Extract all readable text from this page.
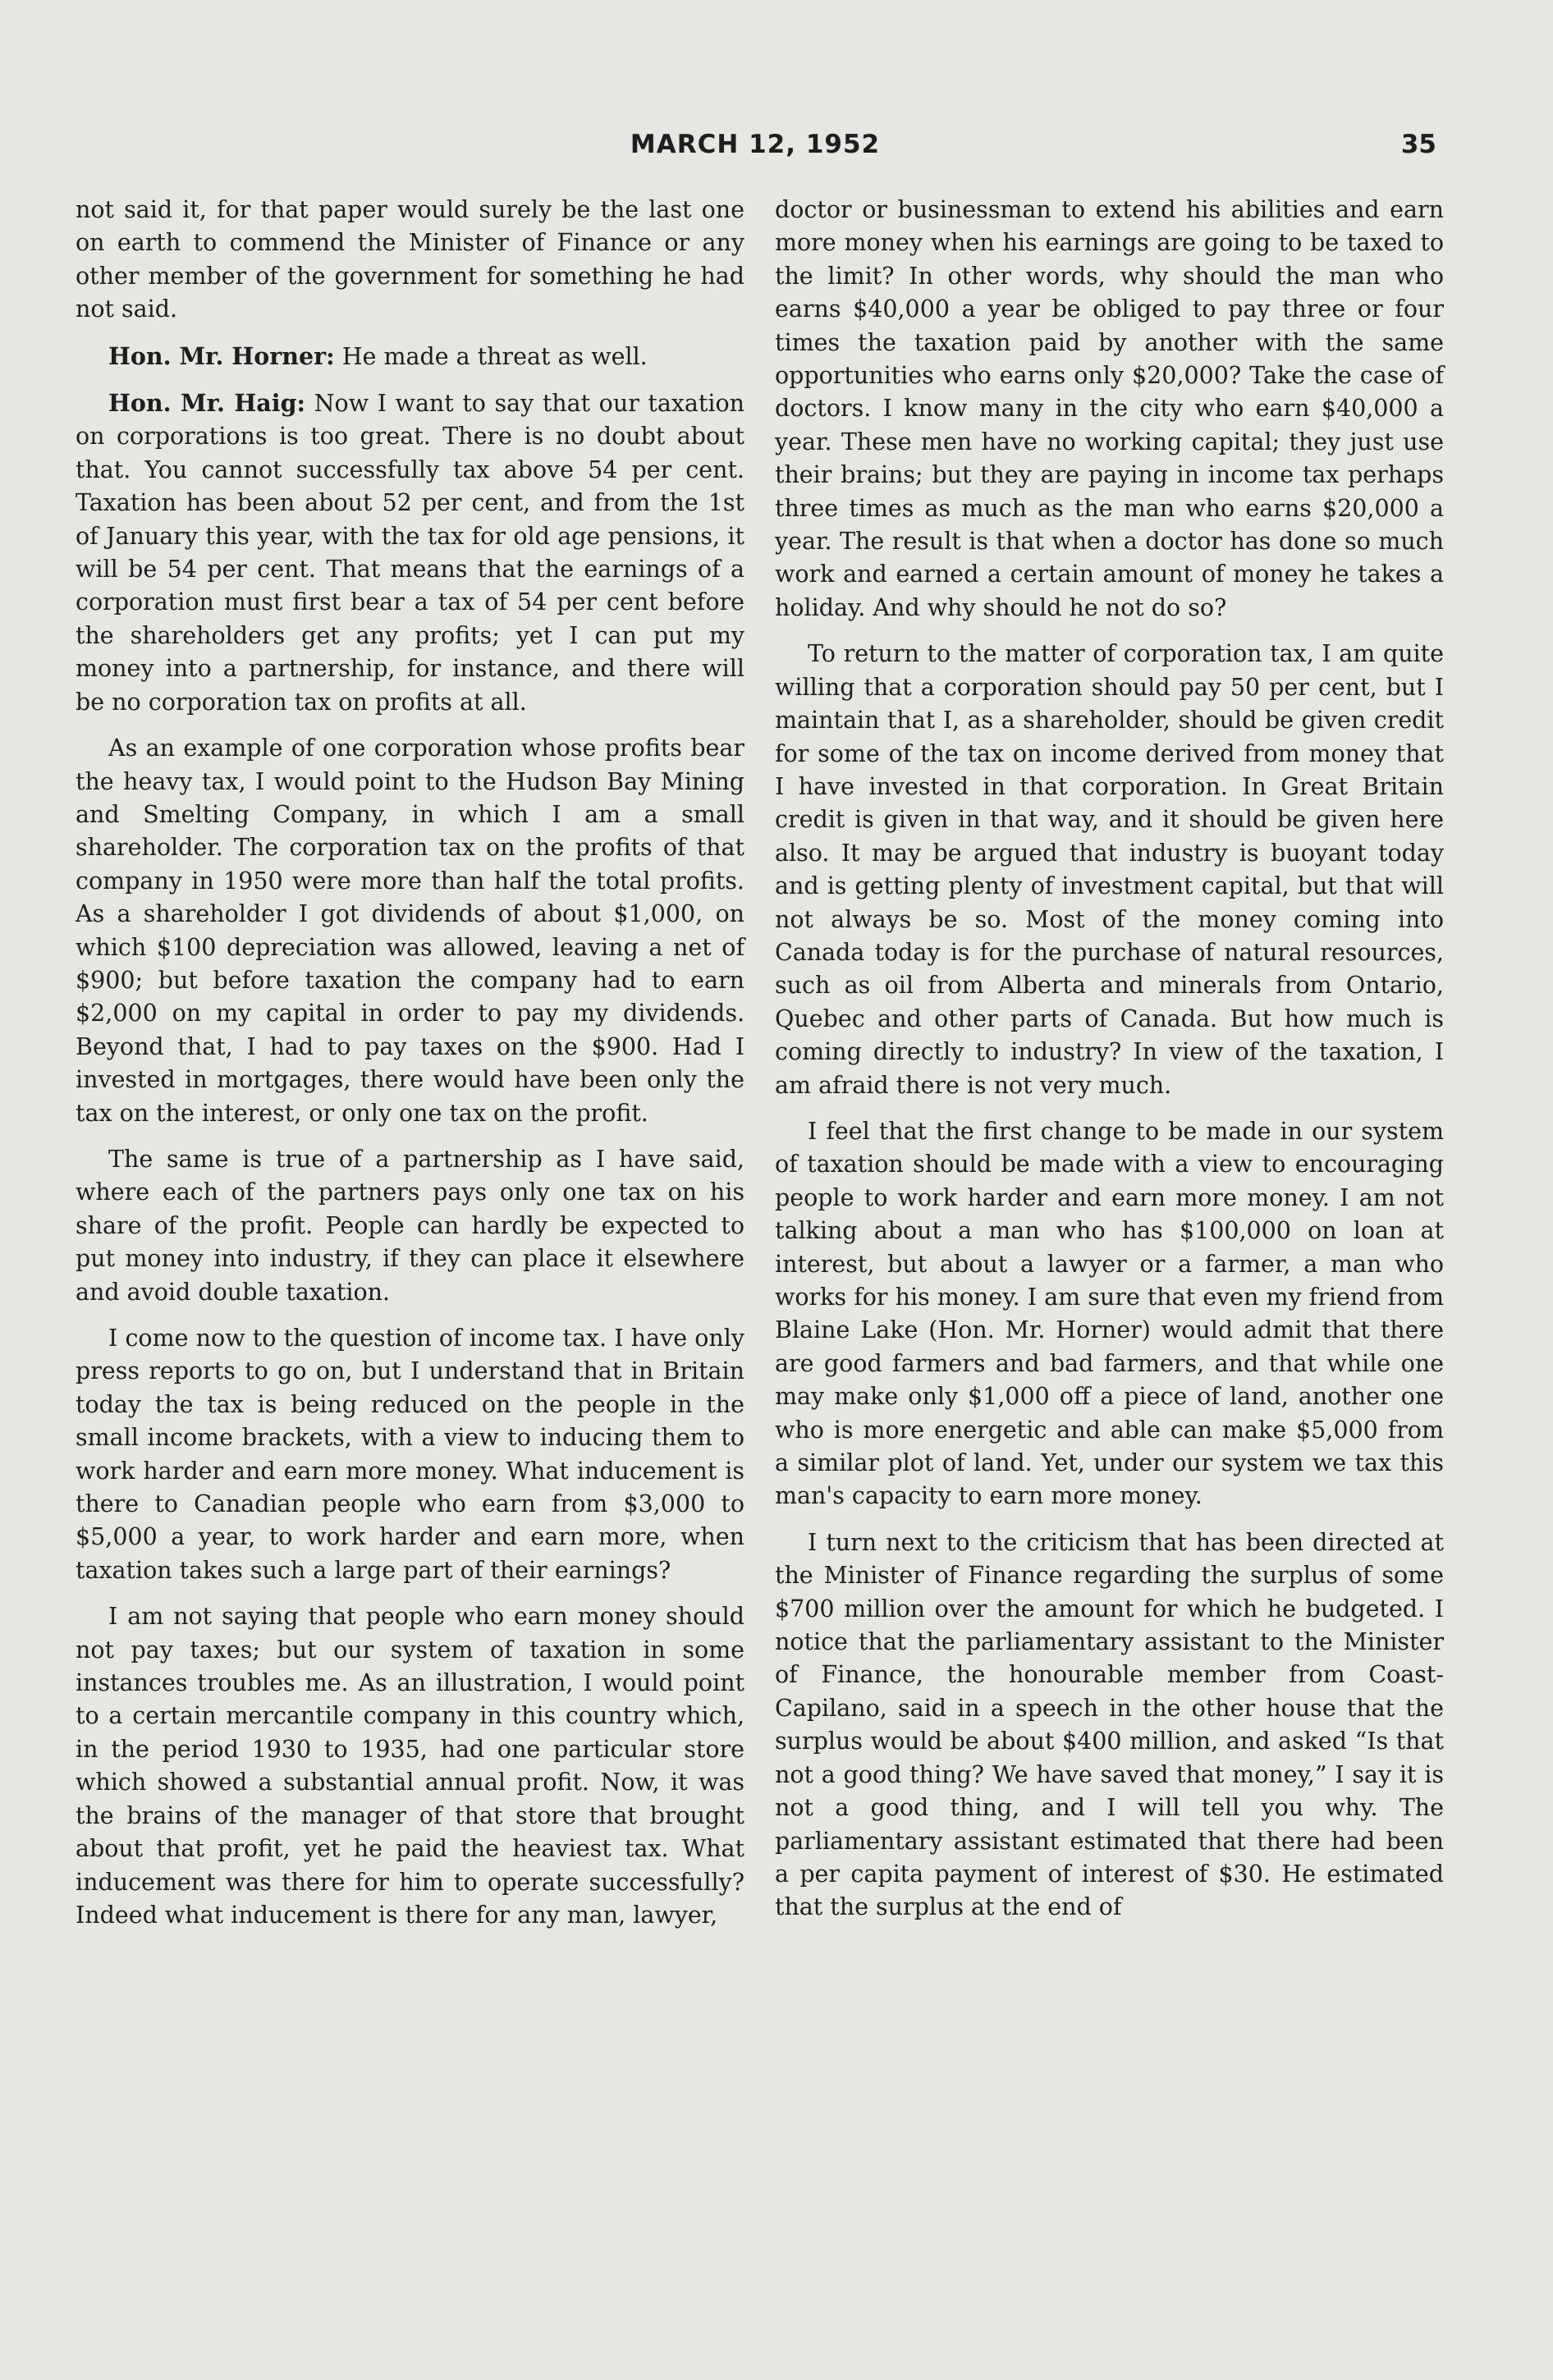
MARCH 12, 1952	35

not said it, for that paper would surely be the last one on earth to commend the Minister of Finance or any other member of the government for something he had not said.

Hon. Mr. Horner: He made a threat as well.

Hon. Mr. Haig: Now I want to say that our taxation on corporations is too great. There is no doubt about that. You cannot successfully tax above 54 per cent. Taxation has been about 52 per cent, and from the 1st of January this year, with the tax for old age pensions, it will be 54 per cent. That means that the earnings of a corporation must first bear a tax of 54 per cent before the shareholders get any profits; yet I can put my money into a partnership, for instance, and there will be no corporation tax on profits at all.

As an example of one corporation whose profits bear the heavy tax, I would point to the Hudson Bay Mining and Smelting Company, in which I am a small shareholder. The corporation tax on the profits of that company in 1950 were more than half the total profits. As a shareholder I got dividends of about $1,000, on which $100 depreciation was allowed, leaving a net of $900; but before taxation the company had to earn $2,000 on my capital in order to pay my dividends. Beyond that, I had to pay taxes on the $900. Had I invested in mortgages, there would have been only the tax on the interest, or only one tax on the profit.

The same is true of a partnership as I have said, where each of the partners pays only one tax on his share of the profit. People can hardly be expected to put money into industry, if they can place it elsewhere and avoid double taxation.

I come now to the question of income tax. I have only press reports to go on, but I understand that in Britain today the tax is being reduced on the people in the small income brackets, with a view to inducing them to work harder and earn more money. What inducement is there to Canadian people who earn from $3,000 to $5,000 a year, to work harder and earn more, when taxation takes such a large part of their earnings?

I am not saying that people who earn money should not pay taxes; but our system of taxation in some instances troubles me. As an illustration, I would point to a certain mercantile company in this country which, in the period 1930 to 1935, had one particular store which showed a substantial annual profit. Now, it was the brains of the manager of that store that brought about that profit, yet he paid the heaviest tax. What inducement was there for him to operate successfully? Indeed what inducement is there for any man, lawyer,

doctor or businessman to extend his abilities and earn more money when his earnings are going to be taxed to the limit? In other words, why should the man who earns $40,000 a year be obliged to pay three or four times the taxation paid by another with the same opportunities who earns only $20,000? Take the case of doctors. I know many in the city who earn $40,000 a year. These men have no working capital; they just use their brains; but they are paying in income tax perhaps three times as much as the man who earns $20,000 a year. The result is that when a doctor has done so much work and earned a certain amount of money he takes a holiday. And why should he not do so?

To return to the matter of corporation tax, I am quite willing that a corporation should pay 50 per cent, but I maintain that I, as a shareholder, should be given credit for some of the tax on income derived from money that I have invested in that corporation. In Great Britain credit is given in that way, and it should be given here also. It may be argued that industry is buoyant today and is getting plenty of investment capital, but that will not always be so. Most of the money coming into Canada today is for the purchase of natural resources, such as oil from Alberta and minerals from Ontario, Quebec and other parts of Canada. But how much is coming directly to industry? In view of the taxation, I am afraid there is not very much.

I feel that the first change to be made in our system of taxation should be made with a view to encouraging people to work harder and earn more money. I am not talking about a man who has $100,000 on loan at interest, but about a lawyer or a farmer, a man who works for his money. I am sure that even my friend from Blaine Lake (Hon. Mr. Horner) would admit that there are good farmers and bad farmers, and that while one may make only $1,000 off a piece of land, another one who is more energetic and able can make $5,000 from a similar plot of land. Yet, under our system we tax this man's capacity to earn more money.

I turn next to the criticism that has been directed at the Minister of Finance regarding the surplus of some $700 million over the amount for which he budgeted. I notice that the parliamentary assistant to the Minister of Finance, the honourable member from Coast-Capilano, said in a speech in the other house that the surplus would be about $400 million, and asked “Is that not a good thing? We have saved that money,” I say it is not a good thing, and I will tell you why. The parliamentary assistant estimated that there had been a per capita payment of interest of $30. He estimated that the surplus at the end of
